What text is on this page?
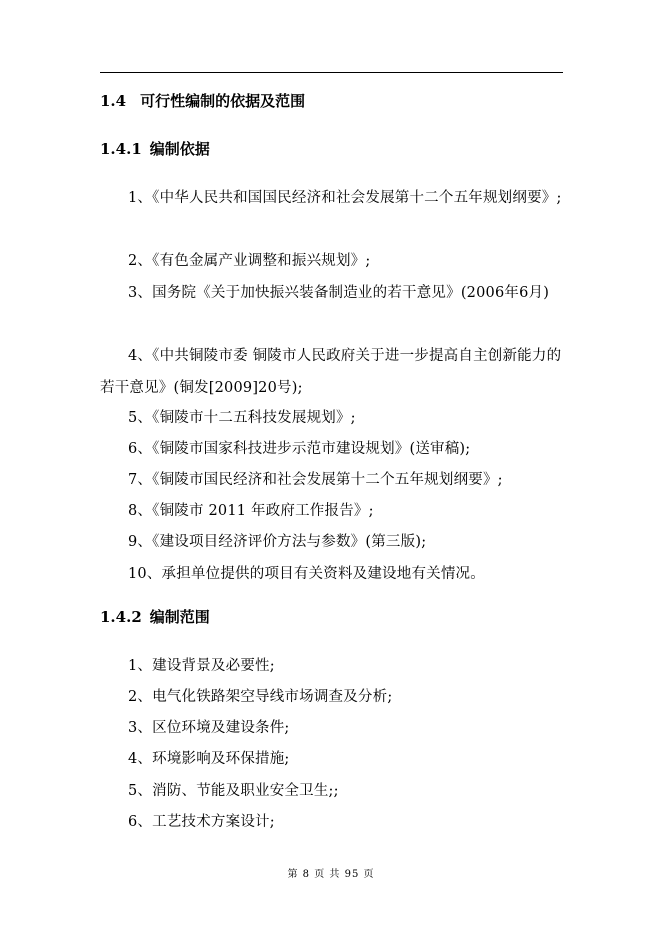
1.4 可行性编制的依据及范围
1.4.1 编制依据
1、《中华人民共和国国民经济和社会发展第十二个五年规划纲要》;
2、《有色金属产业调整和振兴规划》;
3、国务院《关于加快振兴装备制造业的若干意见》(2006年6月)
4、《中共铜陵市委 铜陵市人民政府关于进一步提高自主创新能力的若干意见》(铜发[2009]20号);
5、《铜陵市十二五科技发展规划》;
6、《铜陵市国家科技进步示范市建设规划》(送审稿);
7、《铜陵市国民经济和社会发展第十二个五年规划纲要》;
8、《铜陵市 2011 年政府工作报告》;
9、《建设项目经济评价方法与参数》(第三版);
10、承担单位提供的项目有关资料及建设地有关情况。
1.4.2 编制范围
1、建设背景及必要性;
2、电气化铁路架空导线市场调查及分析;
3、区位环境及建设条件;
4、环境影响及环保措施;
5、消防、节能及职业安全卫生;;
6、工艺技术方案设计;
第 8 页 共 95 页
